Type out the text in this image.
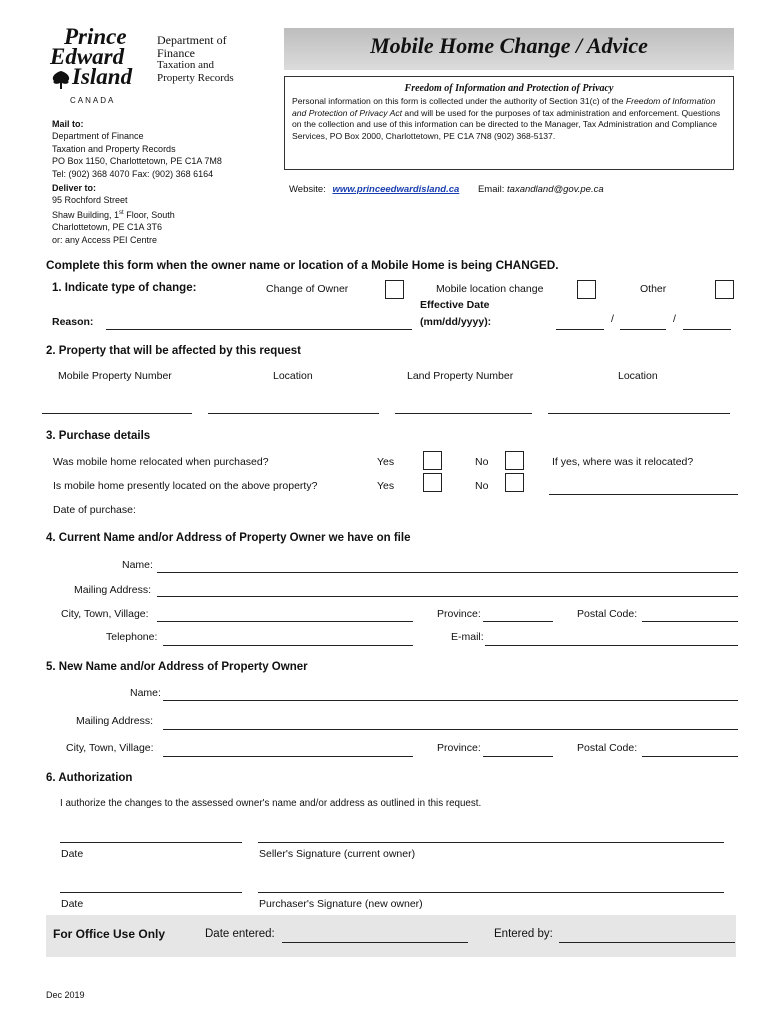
Prince
Edward
Island
CANADA
Department of
Finance
Taxation and
Property Records
Mobile Home Change / Advice
Freedom of Information and Protection of Privacy
Personal information on this form is collected under the authority of Section 31(c) of the Freedom of Information and Protection of Privacy Act and will be used for the purposes of tax administration and enforcement. Questions on the collection and use of this information can be directed to the Manager, Tax Administration and Compliance Services, PO Box 2000, Charlottetown, PE C1A 7N8 (902) 368-5137.
Mail to:
Department of Finance
Taxation and Property Records
PO Box 1150, Charlottetown, PE C1A 7M8
Tel: (902) 368 4070 Fax: (902) 368 6164
Deliver to:
95 Rochford Street
Shaw Building, 1st Floor, South
Charlottetown, PE C1A 3T6
or: any Access PEI Centre
Website: www.princeedwardisland.ca Email: taxandland@gov.pe.ca
Complete this form when the owner name or location of a Mobile Home is being CHANGED.
1. Indicate type of change:	Change of Owner	Mobile location change	Other
Effective Date
(mm/dd/yyyy):
Reason:	/	/
2. Property that will be affected by this request
Mobile Property Number	Location	Land Property Number	Location
3. Purchase details
Was mobile home relocated when purchased?	Yes	No	If yes, where was it relocated?
Is mobile home presently located on the above property?	Yes	No
Date of purchase:
4. Current Name and/or Address of Property Owner we have on file
Name:
Mailing Address:
City, Town, Village:	Province:	Postal Code:
Telephone:	E-mail:
5. New Name and/or Address of Property Owner
Name:
Mailing Address:
City, Town, Village:	Province:	Postal Code:
6. Authorization
I authorize the changes to the assessed owner's name and/or address as outlined in this request.
Date	Seller's Signature (current owner)
Date	Purchaser's Signature (new owner)
For Office Use Only	Date entered:	Entered by:
Dec 2019
